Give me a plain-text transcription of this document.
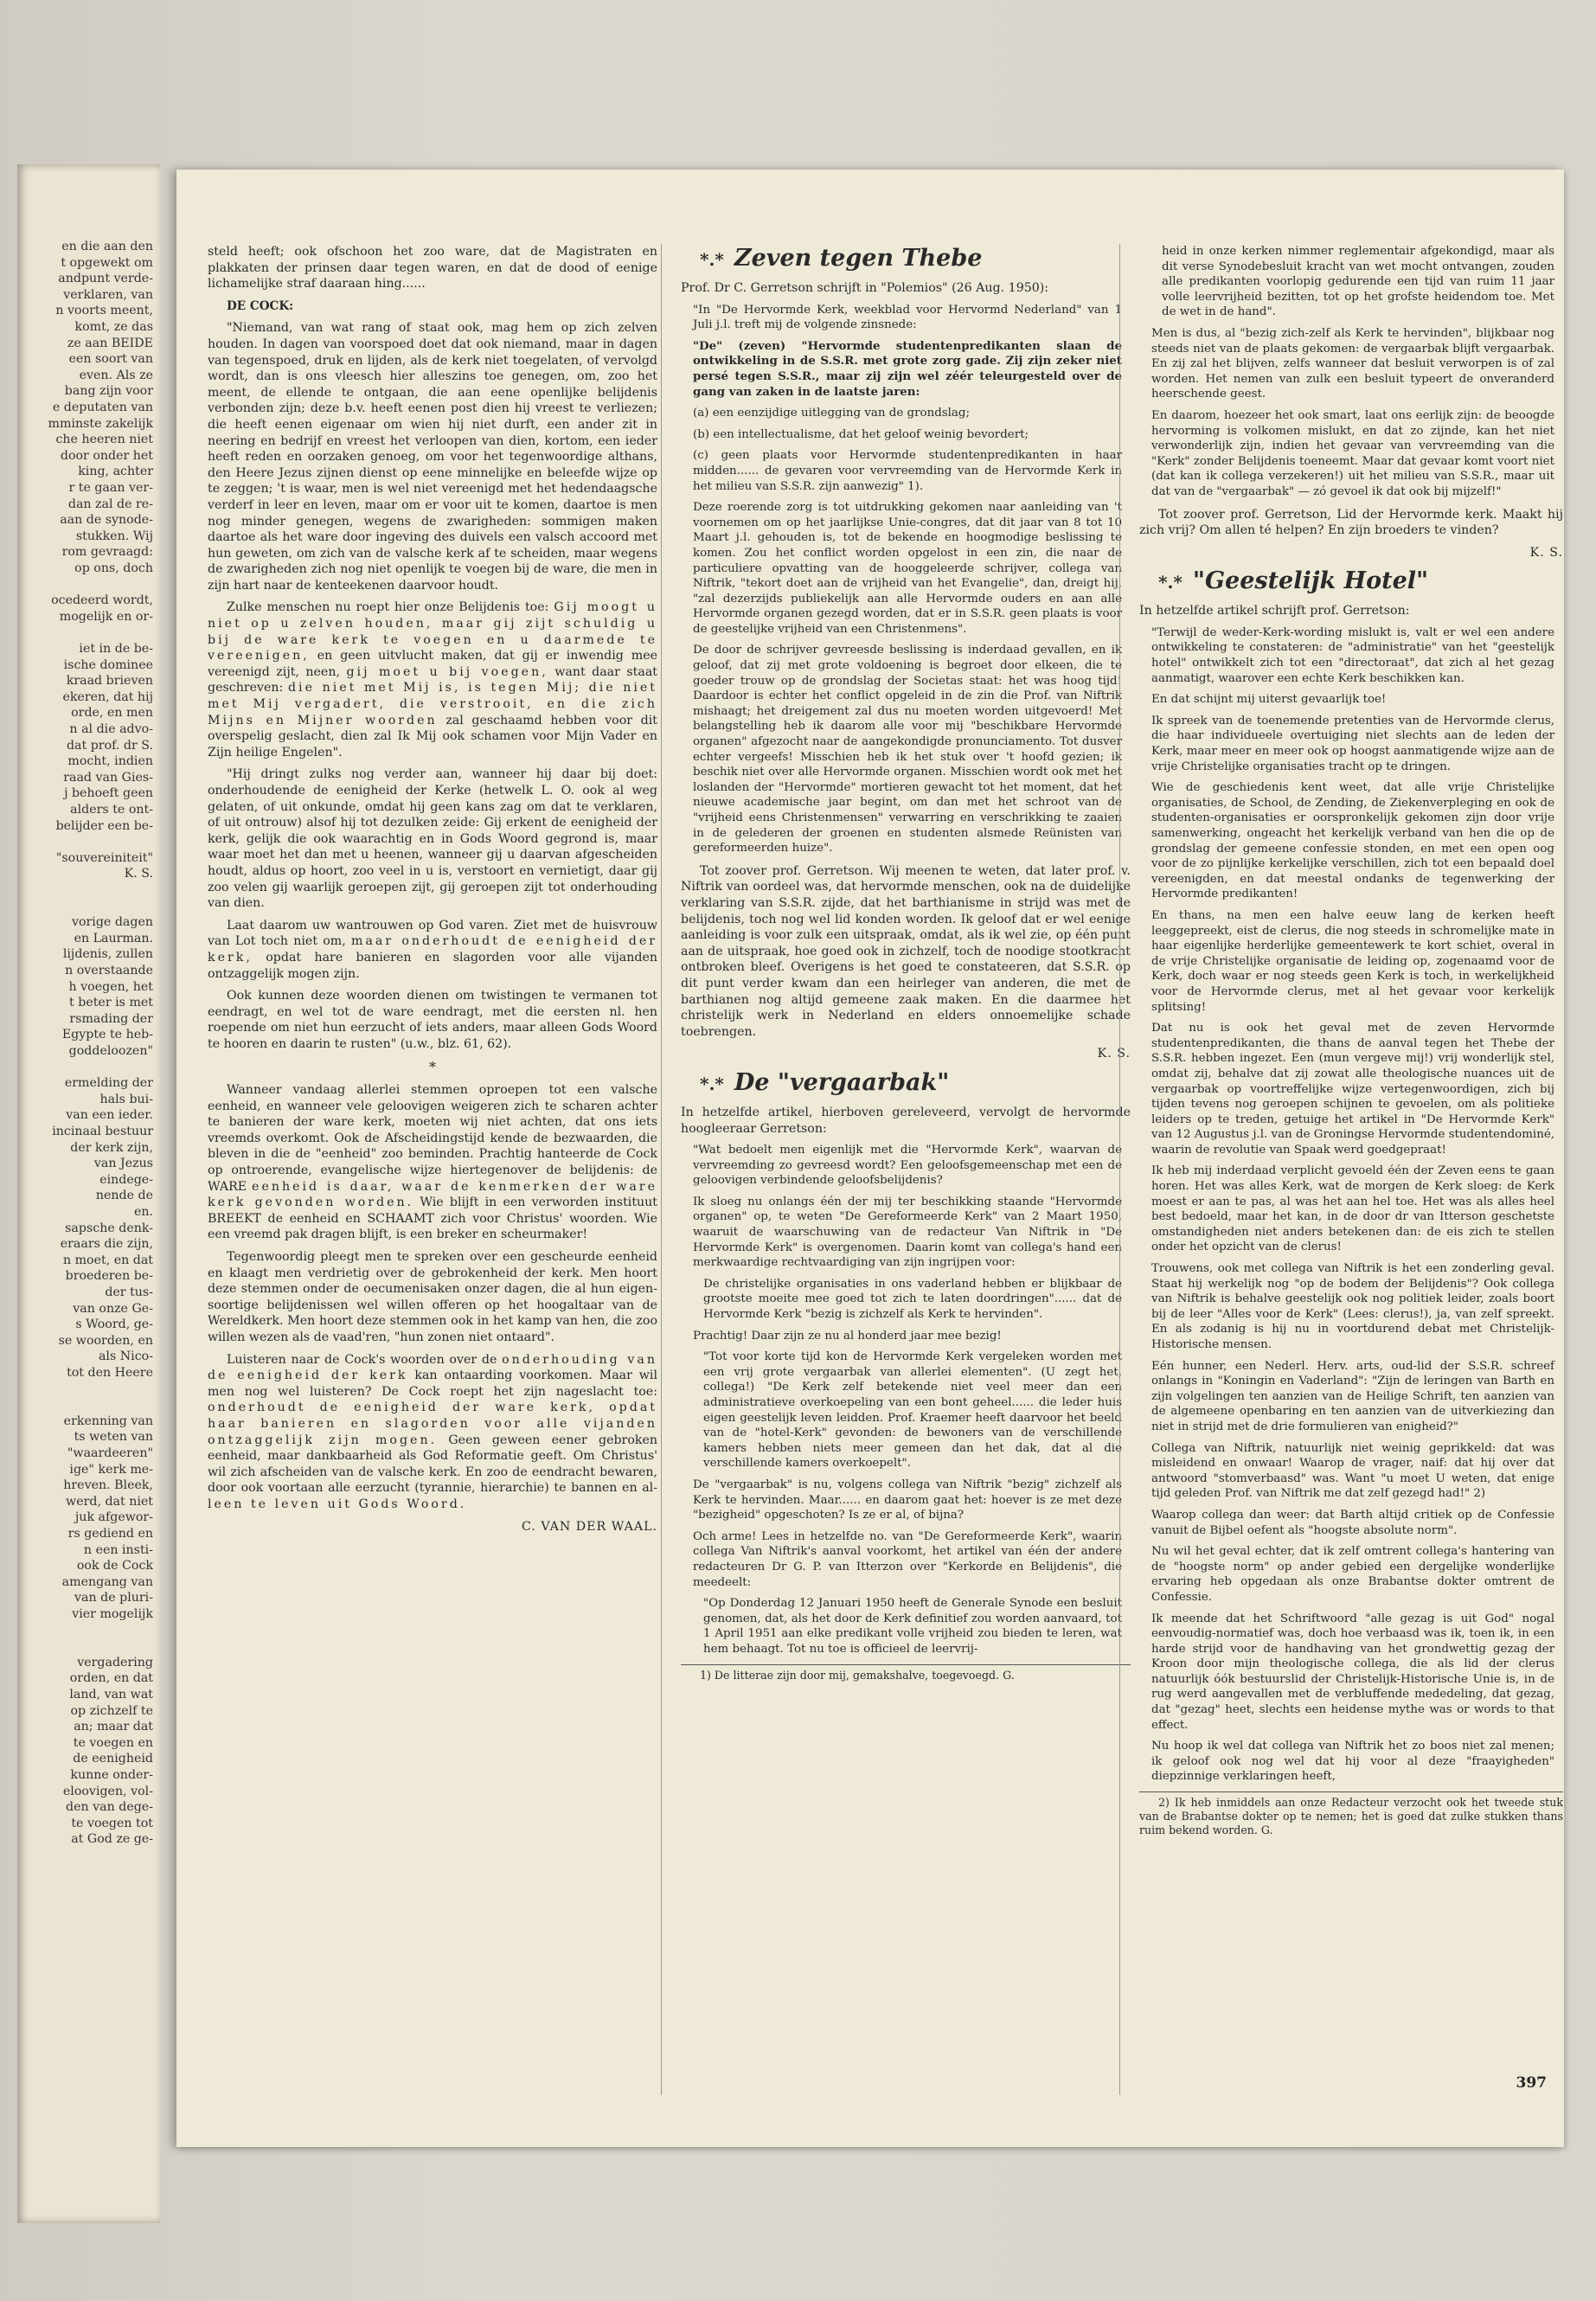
en die aan den
t opgewekt om
andpunt verde-
verklaren, van
n voorts meent,
komt, ze das
ze aan BEIDE
een soort van
even. Als ze
bang zijn voor
e deputaten van
mminste zakelijk
che heeren niet
door onder het
king, achter
r te gaan ver-
dan zal de re-
aan de synode-
stukken. Wij
rom gevraagd:
op ons, doch
ocedeerd wordt,
mogelijk en or-
iet in de be-
ische dominee
kraad brieven
ekeren, dat hij
orde, en men
n al die advo-
dat prof. dr S.
mocht, indien
raad van Gies-
j behoeft geen
alders te ont-
belijder een be-
"souvereiniteit"
K. S.
vorige dagen
en Laurman.
lijdenis, zullen
n overstaande
h voegen, het
t beter is met
rsmading der
Egypte te heb-
goddeloozen"
ermelding der
hals bui-
van een ieder.
incinaal bestuur
der kerk zijn,
van Jezus
eindege-
nende de
en.
sapsche denk-
eraars die zijn,
n moet, en dat
broederen be-
der tus-
van onze Ge-
s Woord, ge-
se woorden, en
als Nico-
tot den Heere
erkenning van
ts weten van
"waardeeren"
ige" kerk me-
hreven. Bleek,
werd, dat niet
juk afgewor-
rs gediend en
n een insti-
ook de Cock
amengang van
van de pluri-
vier mogelijk
vergadering
orden, en dat
land, van wat
op zichzelf te
an; maar dat
te voegen en
de eenigheid
kunne onder-
eloovigen, vol-
den van dege-
te voegen tot
at God ze ge-

steld heeft; ook ofschoon het zoo ware, dat de Magistraten en plakkaten der prinsen daar tegen waren, en dat de dood of eenige lichamelijke straf daaraan hing......

DE COCK:

"Niemand, van wat rang of staat ook, mag hem op zich zelven houden. In dagen van voorspoed doet dat ook niemand, maar in dagen van tegenspoed, druk en lijden, als de kerk niet toegelaten, of vervolgd wordt, dan is ons vleesch hier alleszins toe genegen, om, zoo het meent, de ellende te ontgaan, die aan eene openlijke belijdenis verbonden zijn; deze b.v. heeft eenen post dien hij vreest te verliezen; die heeft eenen eigenaar om wien hij niet durft, een ander zit in neering en bedrijf en vreest het verloopen van dien, kortom, een ieder heeft reden en oorzaken genoeg, om voor het tegenwoordige althans, den Heere Jezus zijnen dienst op eene minnelijke en beleefde wijze op te zeggen; 't is waar, men is wel niet vereenigd met het hedendaagsche verderf in leer en leven, maar om er voor uit te komen, daartoe is men nog minder genegen, wegens de zwarigheden: sommigen maken daartoe als het ware door ingeving des duivels een valsch accoord met hun geweten, om zich van de valsche kerk af te scheiden, maar wegens de zwarigheden zich nog niet openlijk te voegen bij de ware, die men in zijn hart naar de kenteekenen daarvoor houdt.

Zulke menschen nu roept hier onze Belijdenis toe: Gij moogt u niet op u zelven houden, maar gij zijt schuldig u bij de ware kerk te voegen en u daarmede te vereenigen, en geen uitvlucht maken, dat gij er inwendig mee vereenigd zijt, neen, gij moet u bij voegen, want daar staat geschreven: die niet met Mij is, is tegen Mij; die niet met Mij vergadert, die verstrooit, en die zich Mijns en Mijner woorden zal geschaamd hebben voor dit overspelig geslacht, dien zal Ik Mij ook schamen voor Mijn Vader en Zijn heilige Engelen".

"Hij dringt zulks nog verder aan, wanneer hij daar bij doet: onderhoudende de eenigheid der Kerke (hetwelk L. O. ook al weg gelaten, of uit onkunde, omdat hij geen kans zag om dat te verklaren, of uit ontrouw) alsof hij tot dezulken zeide: Gij erkent de eenigheid der kerk, gelijk die ook waarachtig en in Gods Woord gegrond is, maar waar moet het dan met u heenen, wanneer gij u daarvan afgescheiden houdt, aldus op hoort, zoo veel in u is, verstoort en vernietigt, daar gij zoo velen gij waarlijk geroepen zijt, gij geroepen zijt tot onderhouding van dien.

Laat daarom uw wantrouwen op God varen. Ziet met de huisvrouw van Lot toch niet om, maar onderhoudt de eenigheid der kerk, opdat hare banieren en slagorden voor alle vijanden ontzaggelijk mogen zijn.

Ook kunnen deze woorden dienen om twistingen te vermanen tot eendragt, en wel tot de ware eendragt, met die eersten nl. hen roepende om niet hun eerzucht of iets anders, maar alleen Gods Woord te hooren en daarin te rusten" (u.w., blz. 61, 62).

*

Wanneer vandaag allerlei stemmen oproepen tot een valsche eenheid, en wanneer vele geloovigen weigeren zich te scharen achter te banieren der ware kerk, moeten wij niet achten, dat ons iets vreemds overkomt. Ook de Afscheidingstijd kende de bezwaarden, die bleven in die de "eenheid" zoo beminden. Prachtig hanteerde de Cock op ontroerende, evangelische wijze hiertegenover de belijdenis: de WARE eenheid is daar, waar de kenmerken der ware kerk gevonden worden. Wie blijft in een verworden instituut BREEKT de eenheid en SCHAAMT zich voor Christus' woorden. Wie een vreemd pak dragen blijft, is een breker en scheurmaker!

Tegenwoordig pleegt men te spreken over een gescheurde eenheid en klaagt men verdrietig over de gebrokenheid der kerk. Men hoort deze stemmen onder de oecumenisaken onzer dagen, die al hun eigen-soortige belijdenissen wel willen offeren op het hoogaltaar van de Wereldkerk. Men hoort deze stemmen ook in het kamp van hen, die zoo willen wezen als de vaad'ren, "hun zonen niet ontaard".

Luisteren naar de Cock's woorden over de onderhouding van de eenigheid der kerk kan ontaarding voorkomen. Maar wil men nog wel luisteren? De Cock roept het zijn nageslacht toe: onderhoudt de eenigheid der ware kerk, opdat haar banieren en slagorden voor alle vijanden ontzaggelijk zijn mogen. Geen geween eener gebroken eenheid, maar dankbaarheid als God Reformatie geeft. Om Christus' wil zich afscheiden van de valsche kerk. En zoo de eendracht bewaren, door ook voortaan alle eerzucht (tyrannie, hierarchie) te bannen en al- leen te leven uit Gods Woord.

C. VAN DER WAAL.

*.* Zeven tegen Thebe

Prof. Dr C. Gerretson schrijft in "Polemios" (26 Aug. 1950):

"In "De Hervormde Kerk, weekblad voor Hervormd Nederland" van 1 Juli j.l. treft mij de volgende zinsnede:

"De" (zeven) "Hervormde studentenpredikanten slaan de ontwikkeling in de S.S.R. met grote zorg gade. Zij zijn zeker niet persé tegen S.S.R., maar zij zijn wel zéér teleurgesteld over de gang van zaken in de laatste jaren:

(a) een eenzijdige uitlegging van de grondslag;

(b) een intellectualisme, dat het geloof weinig bevordert;

(c) geen plaats voor Hervormde studentenpredikanten in haar midden...... de gevaren voor vervreemding van de Hervormde Kerk in het milieu van S.S.R. zijn aanwezig" 1).

Deze roerende zorg is tot uitdrukking gekomen naar aanleiding van 't voornemen om op het jaarlijkse Unie-congres, dat dit jaar van 8 tot 10 Maart j.l. gehouden is, tot de bekende en hoogmodige beslissing te komen. Zou het conflict worden opgelost in een zin, die naar de particuliere opvatting van de hooggeleerde schrijver, collega van Niftrik, "tekort doet aan de vrijheid van het Evangelie", dan, dreigt hij, "zal dezerzijds publiekelijk aan alle Hervormde ouders en aan alle Hervormde organen gezegd worden, dat er in S.S.R. geen plaats is voor de geestelijke vrijheid van een Christenmens".

De door de schrijver gevreesde beslissing is inderdaad gevallen, en ik geloof, dat zij met grote voldoening is begroet door elkeen, die te goeder trouw op de grondslag der Societas staat: het was hoog tijd! Daardoor is echter het conflict opgeleid in de zin die Prof. van Niftrik mishaagt; het dreigement zal dus nu moeten worden uitgevoerd! Met belangstelling heb ik daarom alle voor mij "beschikbare Hervormde organen" afgezocht naar de aangekondigde pronunciamento. Tot dusver echter vergeefs! Misschien heb ik het stuk over 't hoofd gezien; ik beschik niet over alle Hervormde organen. Misschien wordt ook met het loslanden der "Hervormde" mortieren gewacht tot het moment, dat het nieuwe academische jaar begint, om dan met het schroot van de "vrijheid eens Christenmensen" verwarring en verschrikking te zaaien in de gelederen der groenen en studenten alsmede Reünisten van gereformeerden huize".

Tot zoover prof. Gerretson. Wij meenen te weten, dat later prof. v. Niftrik van oordeel was, dat hervormde menschen, ook na de duidelijke verklaring van S.S.R. zijde, dat het barthianisme in strijd was met de belijdenis, toch nog wel lid konden worden. Ik geloof dat er wel eenige aanleiding is voor zulk een uitspraak, omdat, als ik wel zie, op één punt aan de uitspraak, hoe goed ook in zichzelf, toch de noodige stootkracht ontbroken bleef. Overigens is het goed te constateeren, dat S.S.R. op dit punt verder kwam dan een heirleger van anderen, die met de barthianen nog altijd gemeene zaak maken. En die daarmee het christelijk werk in Nederland en elders onnoemelijke schade toebrengen.

K. S.

*.* De "vergaarbak"

In hetzelfde artikel, hierboven gereleveerd, vervolgt de hervormde hoogleeraar Gerretson:

"Wat bedoelt men eigenlijk met die "Hervormde Kerk", waarvan de vervreemding zo gevreesd wordt? Een geloofsgemeenschap met een de geloovigen verbindende geloofsbelijdenis?

Ik sloeg nu onlangs één der mij ter beschikking staande "Hervormde organen" op, te weten "De Gereformeerde Kerk" van 2 Maart 1950, waaruit de waarschuwing van de redacteur Van Niftrik in "De Hervormde Kerk" is overgenomen. Daarin komt van collega's hand een merkwaardige rechtvaardiging van zijn ingrijpen voor:

De christelijke organisaties in ons vaderland hebben er blijkbaar de grootste moeite mee goed tot zich te laten doordringen"...... dat de Hervormde Kerk "bezig is zichzelf als Kerk te hervinden".

Prachtig! Daar zijn ze nu al honderd jaar mee bezig!

"Tot voor korte tijd kon de Hervormde Kerk vergeleken worden met een vrij grote vergaarbak van allerlei elementen". (U zegt het, collega!) "De Kerk zelf betekende niet veel meer dan een administratieve overkoepeling van een bont geheel...... die leder huis eigen geestelijk leven leidden. Prof. Kraemer heeft daarvoor het beeld van de "hotel-Kerk" gevonden: de bewoners van de verschillende kamers hebben niets meer gemeen dan het dak, dat al die verschillende kamers overkoepelt".

De "vergaarbak" is nu, volgens collega van Niftrik "bezig" zichzelf als Kerk te hervinden. Maar...... en daarom gaat het: hoever is ze met deze "bezigheid" opgeschoten? Is ze er al, of bijna?

Och arme! Lees in hetzelfde no. van "De Gereformeerde Kerk", waarin collega Van Niftrik's aanval voorkomt, het artikel van één der andere redacteuren Dr G. P. van Itterzon over "Kerkorde en Belijdenis", die meedeelt:

"Op Donderdag 12 Januari 1950 heeft de Generale Synode een besluit genomen, dat, als het door de Kerk definitief zou worden aanvaard, tot 1 April 1951 aan elke predikant volle vrijheid zou bieden te leren, wat hem behaagt. Tot nu toe is officieel de leervrij-

1) De litterae zijn door mij, gemakshalve, toegevoegd. G.

heid in onze kerken nimmer reglementair afgekondigd, maar als dit verse Synodebesluit kracht van wet mocht ontvangen, zouden alle predikanten voorlopig gedurende een tijd van ruim 11 jaar volle leervrijheid bezitten, tot op het grofste heidendom toe. Met de wet in de hand".

Men is dus, al "bezig zich-zelf als Kerk te hervinden", blijkbaar nog steeds niet van de plaats gekomen: de vergaarbak blijft vergaarbak. En zij zal het blijven, zelfs wanneer dat besluit verworpen is of zal worden. Het nemen van zulk een besluit typeert de onveranderd heerschende geest.

En daarom, hoezeer het ook smart, laat ons eerlijk zijn: de beoogde hervorming is volkomen mislukt, en dat zo zijnde, kan het niet verwonderlijk zijn, indien het gevaar van vervreemding van die "Kerk" zonder Belijdenis toeneemt. Maar dat gevaar komt voort niet (dat kan ik collega verzekeren!) uit het milieu van S.S.R., maar uit dat van de "vergaarbak" — zó gevoel ik dat ook bij mijzelf!"

Tot zoover prof. Gerretson, Lid der Hervormde kerk. Maakt hij zich vrij? Om allen té helpen? En zijn broeders te vinden?

K. S.

*.* "Geestelijk Hotel"

In hetzelfde artikel schrijft prof. Gerretson:

"Terwijl de weder-Kerk-wording mislukt is, valt er wel een andere ontwikkeling te constateren: de "administratie" van het "geestelijk hotel" ontwikkelt zich tot een "directoraat", dat zich al het gezag aanmatigt, waarover een echte Kerk beschikken kan.

En dat schijnt mij uiterst gevaarlijk toe!

Ik spreek van de toenemende pretenties van de Hervormde clerus, die haar individueele overtuiging niet slechts aan de leden der Kerk, maar meer en meer ook op hoogst aanmatigende wijze aan de vrije Christelijke organisaties tracht op te dringen.

Wie de geschiedenis kent weet, dat alle vrije Christelijke organisaties, de School, de Zending, de Ziekenverpleging en ook de studenten-organisaties er oorspronkelijk gekomen zijn door vrije samenwerking, ongeacht het kerkelijk verband van hen die op de grondslag der gemeene confessie stonden, en met een open oog voor de zo pijnlijke kerkelijke verschillen, zich tot een bepaald doel vereenigden, en dat meestal ondanks de tegenwerking der Hervormde predikanten!

En thans, na men een halve eeuw lang de kerken heeft leeggepreekt, eist de clerus, die nog steeds in schromelijke mate in haar eigenlijke herderlijke gemeentewerk te kort schiet, overal in de vrije Christelijke organisatie de leiding op, zogenaamd voor de Kerk, doch waar er nog steeds geen Kerk is toch, in werkelijkheid voor de Hervormde clerus, met al het gevaar voor kerkelijk splitsing!

Dat nu is ook het geval met de zeven Hervormde studentenpredikanten, die thans de aanval tegen het Thebe der S.S.R. hebben ingezet. Een (mun vergeve mij!) vrij wonderlijk stel, omdat zij, behalve dat zij zowat alle theologische nuances uit de vergaarbak op voortreffelijke wijze vertegenwoordigen, zich bij tijden tevens nog geroepen schijnen te gevoelen, om als politieke leiders op te treden, getuige het artikel in "De Hervormde Kerk" van 12 Augustus j.l. van de Groningse Hervormde studentendominé, waarin de revolutie van Spaak werd goedgepraat!

Ik heb mij inderdaad verplicht gevoeld één der Zeven eens te gaan horen. Het was alles Kerk, wat de morgen de Kerk sloeg: de Kerk moest er aan te pas, al was het aan hel toe. Het was als alles heel best bedoeld, maar het kan, in de door dr van Itterson geschetste omstandigheden niet anders betekenen dan: de eis zich te stellen onder het opzicht van de clerus!

Trouwens, ook met collega van Niftrik is het een zonderling geval. Staat hij werkelijk nog "op de bodem der Belijdenis"? Ook collega van Niftrik is behalve geestelijk ook nog politiek leider, zoals boort bij de leer "Alles voor de Kerk" (Lees: clerus!), ja, van zelf spreekt. En als zodanig is hij nu in voortdurend debat met Christelijk-Historische mensen.

Eén hunner, een Nederl. Herv. arts, oud-lid der S.S.R. schreef onlangs in "Koningin en Vaderland": "Zijn de leringen van Barth en zijn volgelingen ten aanzien van de Heilige Schrift, ten aanzien van de algemeene openbaring en ten aanzien van de uitverkiezing dan niet in strijd met de drie formulieren van enigheid?"

Collega van Niftrik, natuurlijk niet weinig geprikkeld: dat was misleidend en onwaar! Waarop de vrager, naif: dat hij over dat antwoord "stomverbaasd" was. Want "u moet U weten, dat enige tijd geleden Prof. van Niftrik me dat zelf gezegd had!" 2)

Waarop collega dan weer: dat Barth altijd critiek op de Confessie vanuit de Bijbel oefent als "hoogste absolute norm".

Nu wil het geval echter, dat ik zelf omtrent collega's hantering van de "hoogste norm" op ander gebied een dergelijke wonderlijke ervaring heb opgedaan als onze Brabantse dokter omtrent de Confessie.

Ik meende dat het Schriftwoord "alle gezag is uit God" nogal eenvoudig-normatief was, doch hoe verbaasd was ik, toen ik, in een harde strijd voor de handhaving van het grondwettig gezag der Kroon door mijn theologische collega, die als lid der clerus natuurlijk óók bestuurslid der Christelijk-Historische Unie is, in de rug werd aangevallen met de verbluffende mededeling, dat gezag, dat "gezag" heet, slechts een heidense mythe was or words to that effect.

Nu hoop ik wel dat collega van Niftrik het zo boos niet zal menen; ik geloof ook nog wel dat hij voor al deze "fraayigheden" diepzinnige verklaringen heeft,

2) Ik heb inmiddels aan onze Redacteur verzocht ook het tweede stuk van de Brabantse dokter op te nemen; het is goed dat zulke stukken thans ruim bekend worden. G.

397
